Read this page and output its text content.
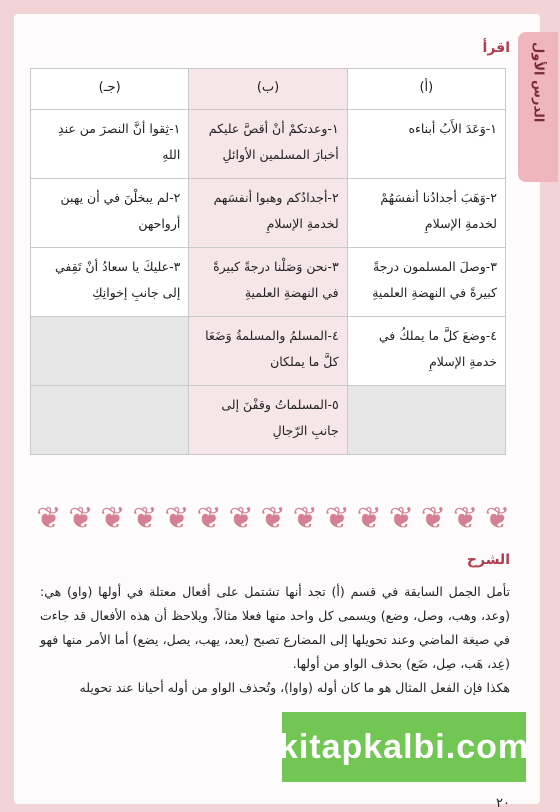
الدرس الأول
اقرأ
(أ)	(ب)	(جـ)
١-وَعَدَ الأَبُ أبناءه	١-وعدتكمْ أنْ أقصَّ عليكم أخبارَ المسلمين الأوائلِ	١-ثِقوا أنَّ النصرَ من عندِ اللهِ
٢-وَهَبَ أجدادُنا أنفسَهُمْ لخدمةِ الإسلامِ	٢-أجدادُكم وهبوا أنفسَهم لخدمةِ الإسلامِ	٢-لم يبخلْنَ في أن يهبن أرواحهن
٣-وصلَ المسلمون درجةً كبيرةً في النهضةِ العلميةِ	٣-نحن وَصَلْنا درجةً كبيرةً في النهضةِ العلميةِ	٣-عليكَ يا سعادُ أنْ تَقِفي إلى جانبِ إخوانِكِ
٤-وضعَ كلَّ ما يملكُ في خدمةِ الإسلامِ	٤-المسلمُ والمسلمةُ وَضَعَا كلَّ ما يملكان	
	٥-المسلماتُ وقفْنَ إلى جانبِ الرّجالِ	
❦
❦
❦
❦
❦
❦
❦
❦
❦
❦
❦
❦
❦
❦
❦
الشرح

تأمل الجمل السابقة في قسم (أ) تجد أنها تشتمل على أفعال معتلة في أولها (واو) هي: (وعد، وهب، وصل، وضع) ويسمى كل واحد منها فعلا مثالاً، ويلاحظ أن هذه الأفعال قد جاءت في صيغة الماضي وعند تحويلها إلى المضارع تصبح (يعد، يهب، يصل، يضع) أما الأمر منها فهو (عِد، هَب، صِل، ضَع) بحذف الواو من أولها.

هكذا فإن الفعل المثال هو ما كان أوله (واوا)، وتُحذف الواو من أوله أحيانا عند تحويله

٢٠
kitapkalbi.com
